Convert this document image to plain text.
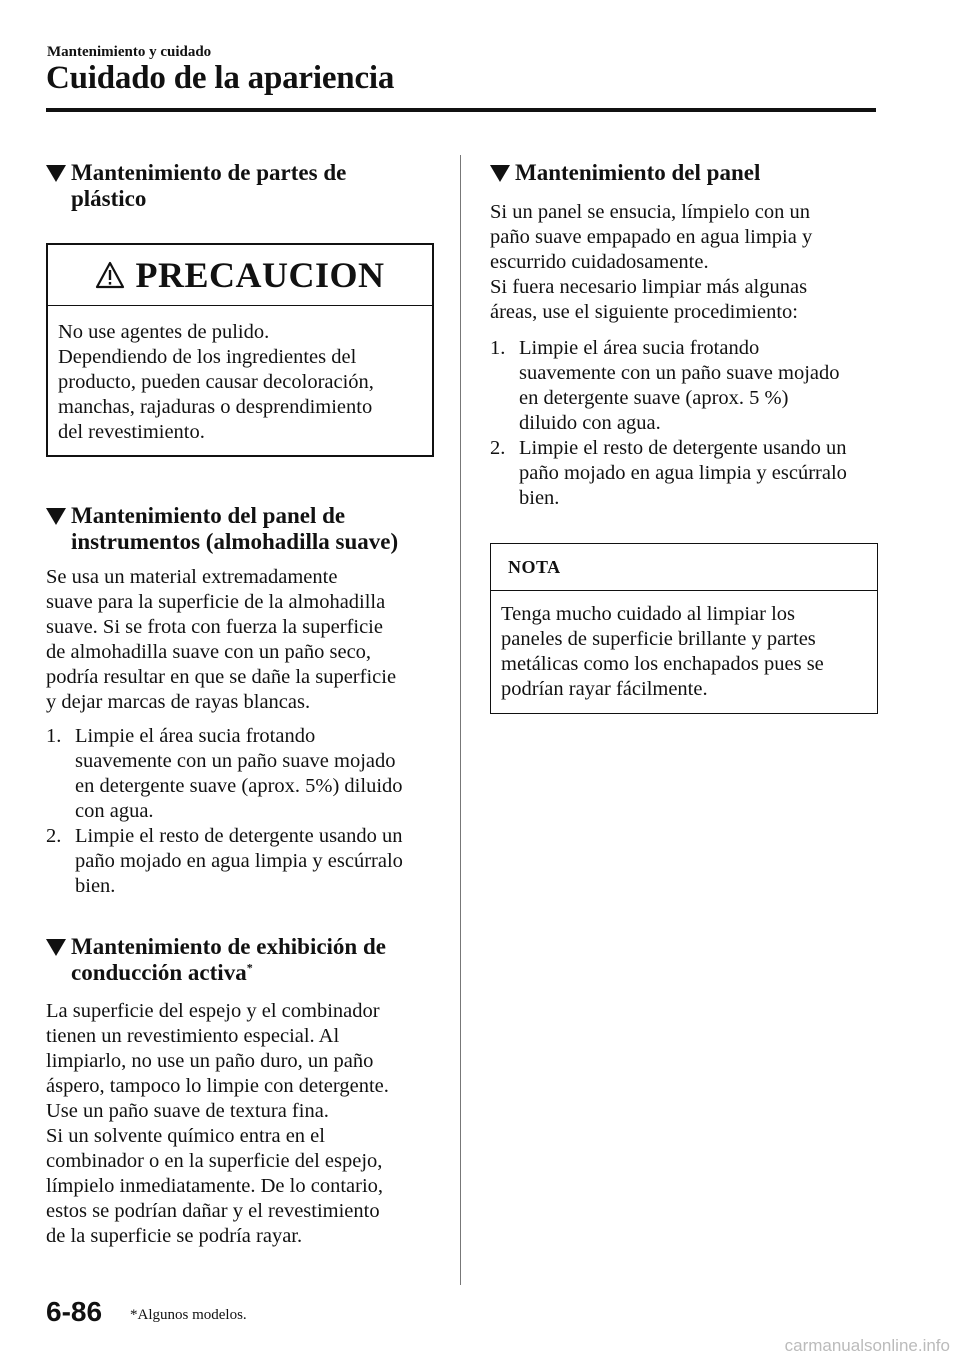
Mantenimiento y cuidado
Cuidado de la apariencia
Mantenimiento de partes de
plástico
PRECAUCION
No use agentes de pulido.
Dependiendo de los ingredientes del
producto, pueden causar decoloración,
manchas, rajaduras o desprendimiento
del revestimiento.
Mantenimiento del panel de
instrumentos (almohadilla suave)

Se usa un material extremadamente
suave para la superficie de la almohadilla
suave. Si se frota con fuerza la superficie
de almohadilla suave con un paño seco,
podría resultar en que se dañe la superficie
y dejar marcas de rayas blancas.

1. Limpie el área sucia frotando
suavemente con un paño suave mojado
en detergente suave (aprox. 5%) diluido
con agua.
2. Limpie el resto de detergente usando un
paño mojado en agua limpia y escúrralo
bien.
Mantenimiento de exhibición de
conducción activa*

La superficie del espejo y el combinador
tienen un revestimiento especial. Al
limpiarlo, no use un paño duro, un paño
áspero, tampoco lo limpie con detergente.
Use un paño suave de textura fina.
Si un solvente químico entra en el
combinador o en la superficie del espejo,
límpielo inmediatamente. De lo contario,
estos se podrían dañar y el revestimiento
de la superficie se podría rayar.

Mantenimiento del panel

Si un panel se ensucia, límpielo con un
paño suave empapado en agua limpia y
escurrido cuidadosamente.
Si fuera necesario limpiar más algunas
áreas, use el siguiente procedimiento:

1. Limpie el área sucia frotando
suavemente con un paño suave mojado
en detergente suave (aprox. 5 %)
diluido con agua.
2. Limpie el resto de detergente usando un
paño mojado en agua limpia y escúrralo
bien.
NOTA
Tenga mucho cuidado al limpiar los
paneles de superficie brillante y partes
metálicas como los enchapados pues se
podrían rayar fácilmente.
6-86 *Algunos modelos.
carmanualsonline.info
